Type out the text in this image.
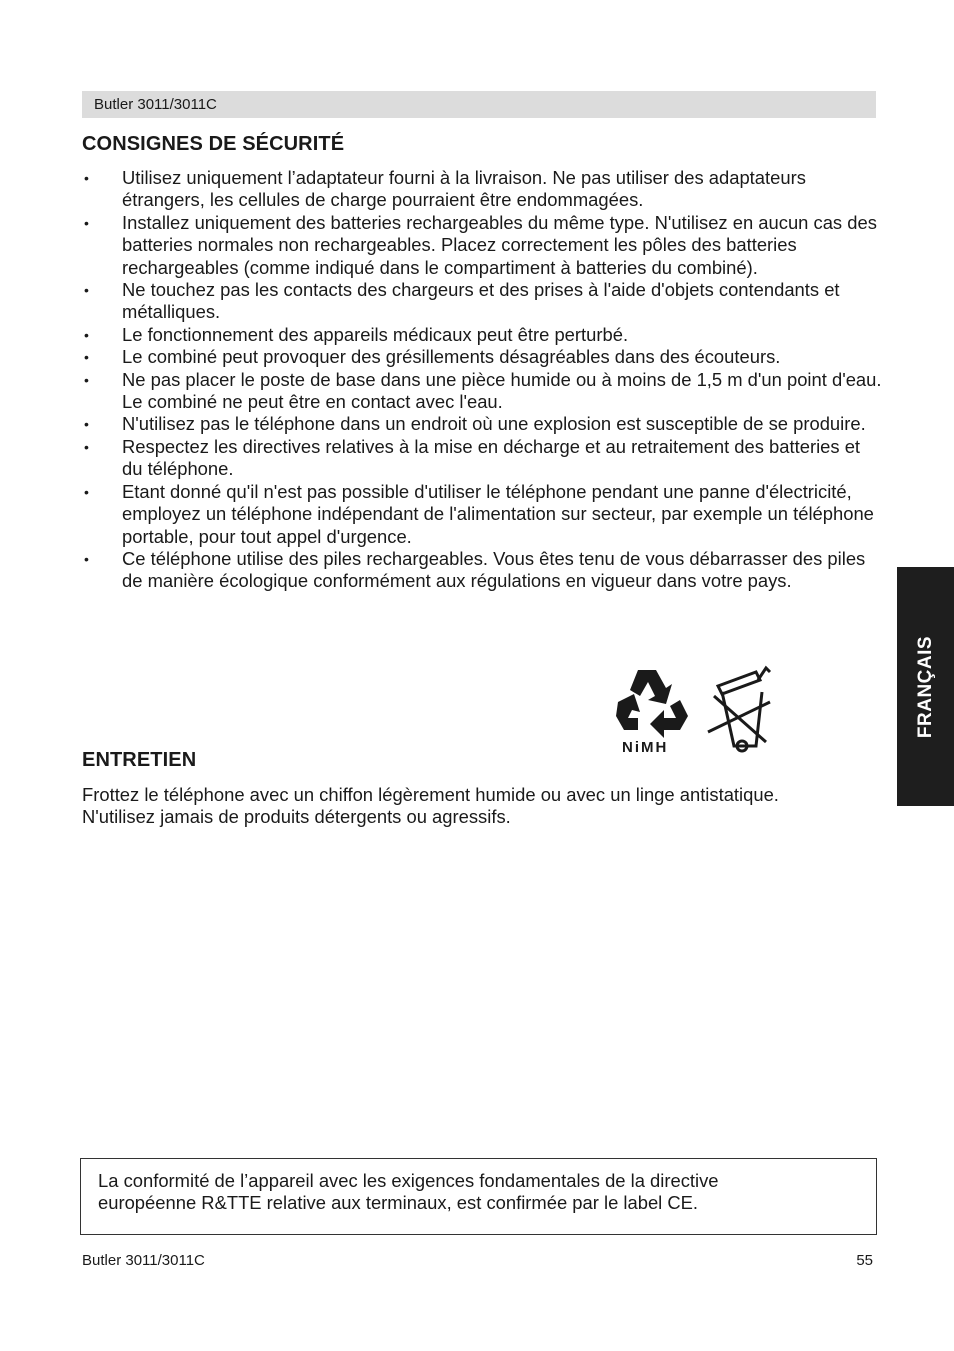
Butler 3011/3011C
CONSIGNES DE SÉCURITÉ
• Utilisez uniquement l’adaptateur fourni à la livraison. Ne pas utiliser des adaptateurs étrangers, les cellules de charge pourraient être endommagées.
• Installez uniquement des batteries rechargeables du même type. N'utilisez en aucun cas des batteries normales non rechargeables. Placez correctement les pôles des batteries rechargeables (comme indiqué dans le compartiment à batteries du combiné).
• Ne touchez pas les contacts des chargeurs et des prises à l'aide d'objets contendants et métalliques.
• Le fonctionnement des appareils médicaux peut être perturbé.
• Le combiné peut provoquer des grésillements désagréables dans des écouteurs.
• Ne pas placer le poste de base dans une pièce humide ou à moins de 1,5 m d'un point d'eau. Le combiné ne peut être en contact avec l'eau.
• N'utilisez pas le téléphone dans un endroit où une explosion est susceptible de se produire.
• Respectez les directives relatives à la mise en décharge et au retraitement des batteries et du téléphone.
• Etant donné qu'il n'est pas possible d'utiliser le téléphone pendant une panne d'électricité, employez un téléphone indépendant de l'alimentation sur secteur, par exemple un téléphone portable, pour tout appel d'urgence.
• Ce téléphone utilise des piles rechargeables. Vous êtes tenu de vous débarrasser des piles de manière écologique conformément aux régulations en vigueur dans votre pays.
NiMH
ENTRETIEN

Frottez le téléphone avec un chiffon légèrement humide ou avec un linge antistatique.
N'utilisez jamais de produits détergents ou agressifs.

FRANÇAIS
La conformité de l’appareil avec les exigences fondamentales de la directive
européenne R&TTE relative aux terminaux, est confirmée par le label CE.
Butler 3011/3011C	55
